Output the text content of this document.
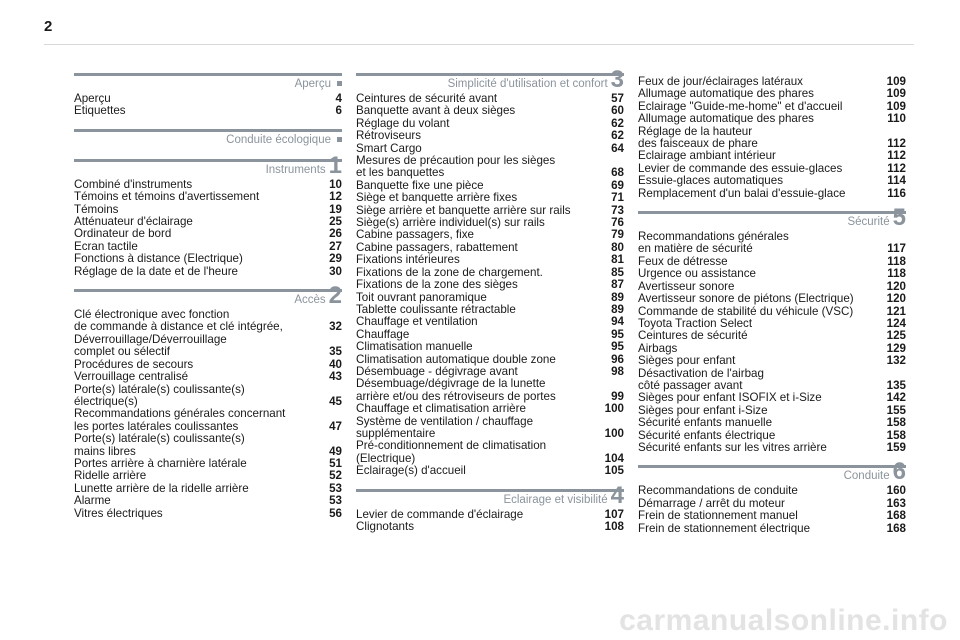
2
Aperçu
Aperçu	4
Etiquettes	6
Conduite écologique
Instruments 1
Combiné d'instruments	10
Témoins et témoins d'avertissement	12
Témoins	19
Atténuateur d'éclairage	25
Ordinateur de bord	26
Ecran tactile	27
Fonctions à distance (Electrique)	29
Réglage de la date et de l'heure	30
Accès 2
Clé électronique avec fonction
de commande à distance et clé intégrée,	32
Déverrouillage/Déverrouillage
complet ou sélectif	35
Procédures de secours	40
Verrouillage centralisé	43
Porte(s) latérale(s) coulissante(s)
électrique(s)	45
Recommandations générales concernant
les portes latérales coulissantes	47
Porte(s) latérale(s) coulissante(s)
mains libres	49
Portes arrière à charnière latérale	51
Ridelle arrière	52
Lunette arrière de la ridelle arrière	53
Alarme	53
Vitres électriques	56
Simplicité d'utilisation et confort 3
Ceintures de sécurité avant	57
Banquette avant à deux sièges	60
Réglage du volant	62
Rétroviseurs	62
Smart Cargo	64
Mesures de précaution pour les sièges
et les banquettes	68
Banquette fixe une pièce	69
Siège et banquette arrière fixes	71
Siège arrière et banquette arrière sur rails	73
Siège(s) arrière individuel(s) sur rails	76
Cabine passagers, fixe	79
Cabine passagers, rabattement	80
Fixations intérieures	81
Fixations de la zone de chargement.	85
Fixations de la zone des sièges	87
Toit ouvrant panoramique	89
Tablette coulissante rétractable	89
Chauffage et ventilation	94
Chauffage	95
Climatisation manuelle	95
Climatisation automatique double zone	96
Désembuage - dégivrage avant	98
Désembuage/dégivrage de la lunette
arrière et/ou des rétroviseurs de portes	99
Chauffage et climatisation arrière	100
Système de ventilation / chauffage
supplémentaire	100
Pré-conditionnement de climatisation
(Electrique)	104
Eclairage(s) d'accueil	105
Eclairage et visibilité 4
Levier de commande d'éclairage	107
Clignotants	108
Feux de jour/éclairages latéraux	109
Allumage automatique des phares	109
Eclairage "Guide-me-home" et d'accueil	109
Allumage automatique des phares	110
Réglage de la hauteur
des faisceaux de phare	112
Eclairage ambiant intérieur	112
Levier de commande des essuie-glaces	112
Essuie-glaces automatiques	114
Remplacement d'un balai d'essuie-glace	116
Sécurité 5
Recommandations générales
en matière de sécurité	117
Feux de détresse	118
Urgence ou assistance	118
Avertisseur sonore	120
Avertisseur sonore de piétons (Electrique)	120
Commande de stabilité du véhicule (VSC)	121
Toyota Traction Select	124
Ceintures de sécurité	125
Airbags	129
Sièges pour enfant	132
Désactivation de l'airbag
côté passager avant	135
Sièges pour enfant ISOFIX et i-Size	142
Sièges pour enfant i-Size	155
Sécurité enfants manuelle	158
Sécurité enfants électrique	158
Sécurité enfants sur les vitres arrière	159
Conduite 6
Recommandations de conduite	160
Démarrage / arrêt du moteur	163
Frein de stationnement manuel	168
Frein de stationnement électrique	168
carmanualsonline.info
